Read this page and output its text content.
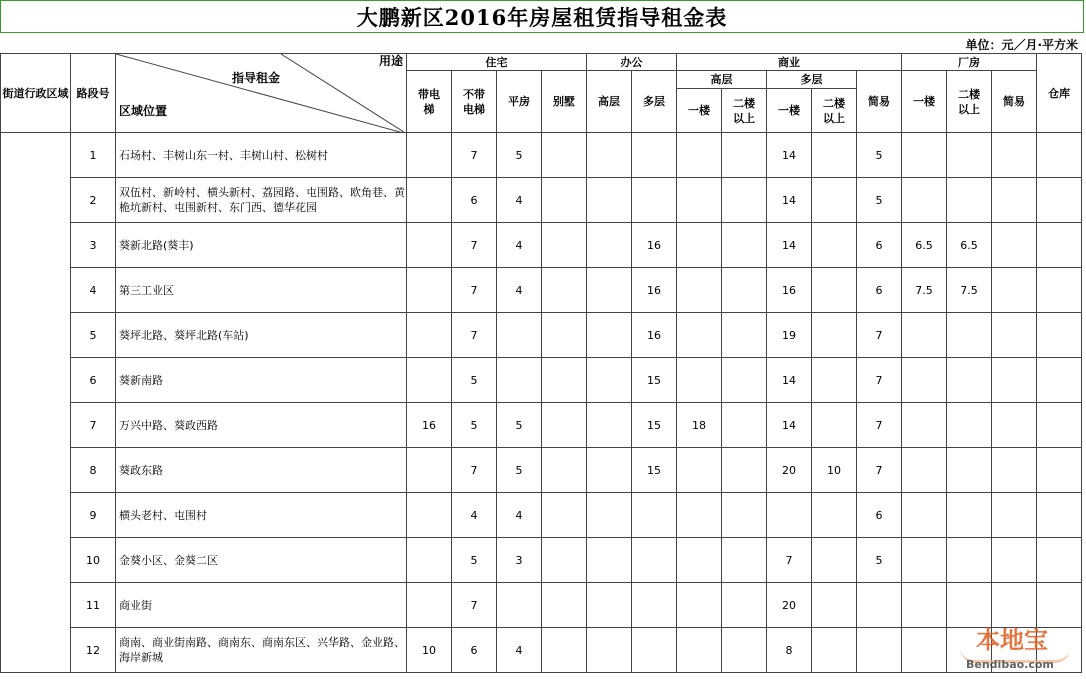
大鹏新区2016年房屋租赁指导租金表
单位：元／月·平方米
街道行政区域	路段号	用途
指导租金
区域位置	住宅				办公		商业					厂房			仓库
			带电梯	不带电梯	平房	别墅	高层	多层	高层		多层		简易	一楼	二楼以上	简易	
									一楼	二楼以上	一楼	二楼以上					

	1	石场村、丰树山东一村、丰树山村、松树村		7	5						14		5				
	2	双伍村、新岭村、横头新村、荔园路、屯围路、欧角巷、黄桅坑新村、屯围新村、东门西、德华花园		6	4						14		5				
	3	葵新北路(葵丰)		7	4			16			14		6	6.5	6.5		
	4	第三工业区		7	4			16			16		6	7.5	7.5		
	5	葵坪北路、葵坪北路(车站)		7				16			19		7				
	6	葵新南路		5				15			14		7				
	7	万兴中路、葵政西路	16	5	5			15	18		14		7				
	8	葵政东路		7	5			15			20	10	7				
	9	横头老村、屯围村		4	4								6				
	10	金葵小区、金葵二区		5	3						7		5				
	11	商业街		7							20						
	12	商南、商业街南路、商南东、商南东区、兴华路、金业路、海岸新城	10	6	4						8							本地宝
Bendibao.com
